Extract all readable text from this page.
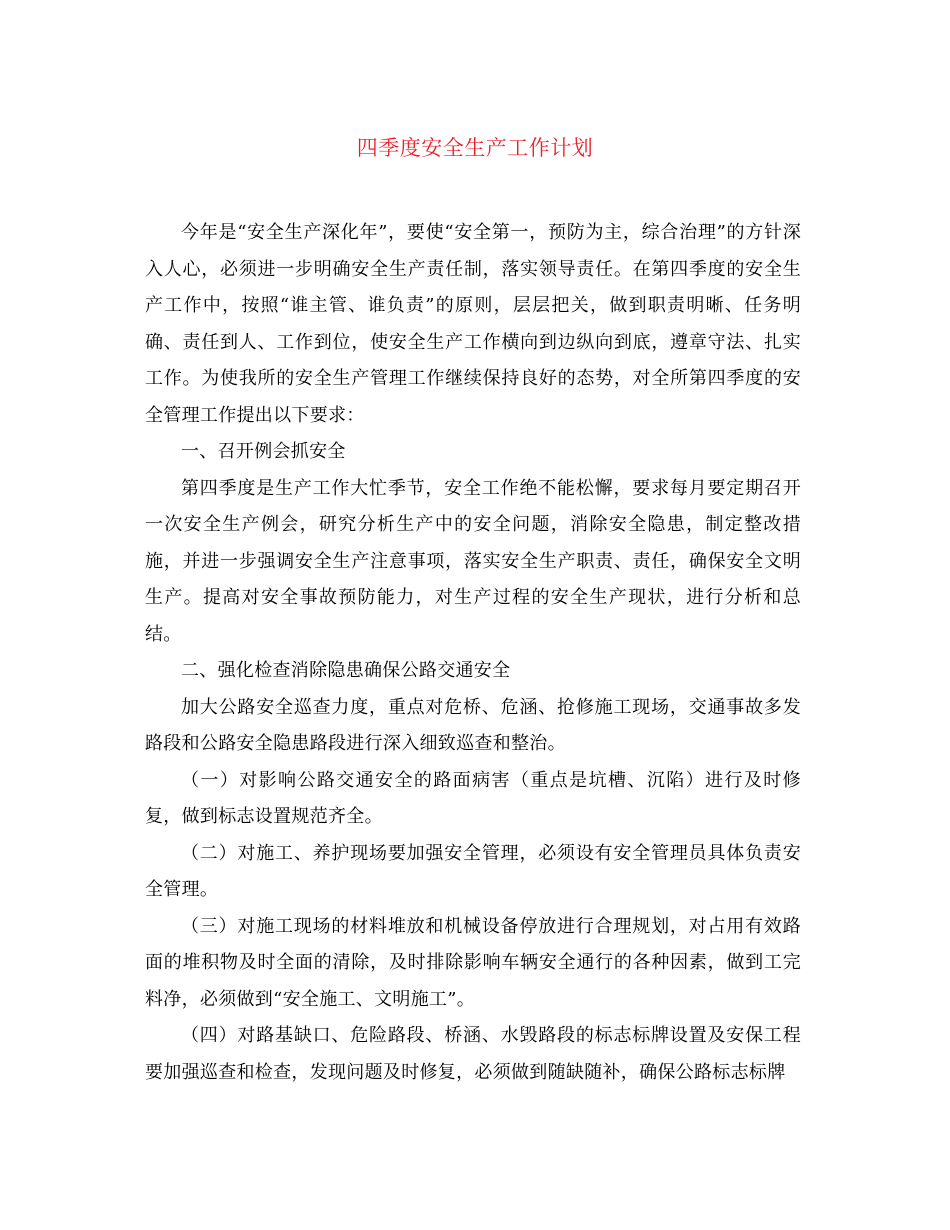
四季度安全生产工作计划

今年是“安全生产深化年”，要使“安全第一，预防为主，综合治理”的方针深入人心，必须进一步明确安全生产责任制，落实领导责任。在第四季度的安全生产工作中，按照“谁主管、谁负责”的原则，层层把关，做到职责明晰、任务明确、责任到人、工作到位，使安全生产工作横向到边纵向到底，遵章守法、扎实工作。为使我所的安全生产管理工作继续保持良好的态势，对全所第四季度的安全管理工作提出以下要求：

一、召开例会抓安全

第四季度是生产工作大忙季节，安全工作绝不能松懈，要求每月要定期召开一次安全生产例会，研究分析生产中的安全问题，消除安全隐患，制定整改措施，并进一步强调安全生产注意事项，落实安全生产职责、责任，确保安全文明生产。提高对安全事故预防能力，对生产过程的安全生产现状，进行分析和总结。

二、强化检查消除隐患确保公路交通安全

加大公路安全巡查力度，重点对危桥、危涵、抢修施工现场，交通事故多发路段和公路安全隐患路段进行深入细致巡查和整治。

（一）对影响公路交通安全的路面病害（重点是坑槽、沉陷）进行及时修复，做到标志设置规范齐全。

（二）对施工、养护现场要加强安全管理，必须设有安全管理员具体负责安全管理。

（三）对施工现场的材料堆放和机械设备停放进行合理规划，对占用有效路面的堆积物及时全面的清除，及时排除影响车辆安全通行的各种因素，做到工完料净，必须做到“安全施工、文明施工”。

（四）对路基缺口、危险路段、桥涵、水毁路段的标志标牌设置及安保工程要加强巡查和检查，发现问题及时修复，必须做到随缺随补，确保公路标志标牌
